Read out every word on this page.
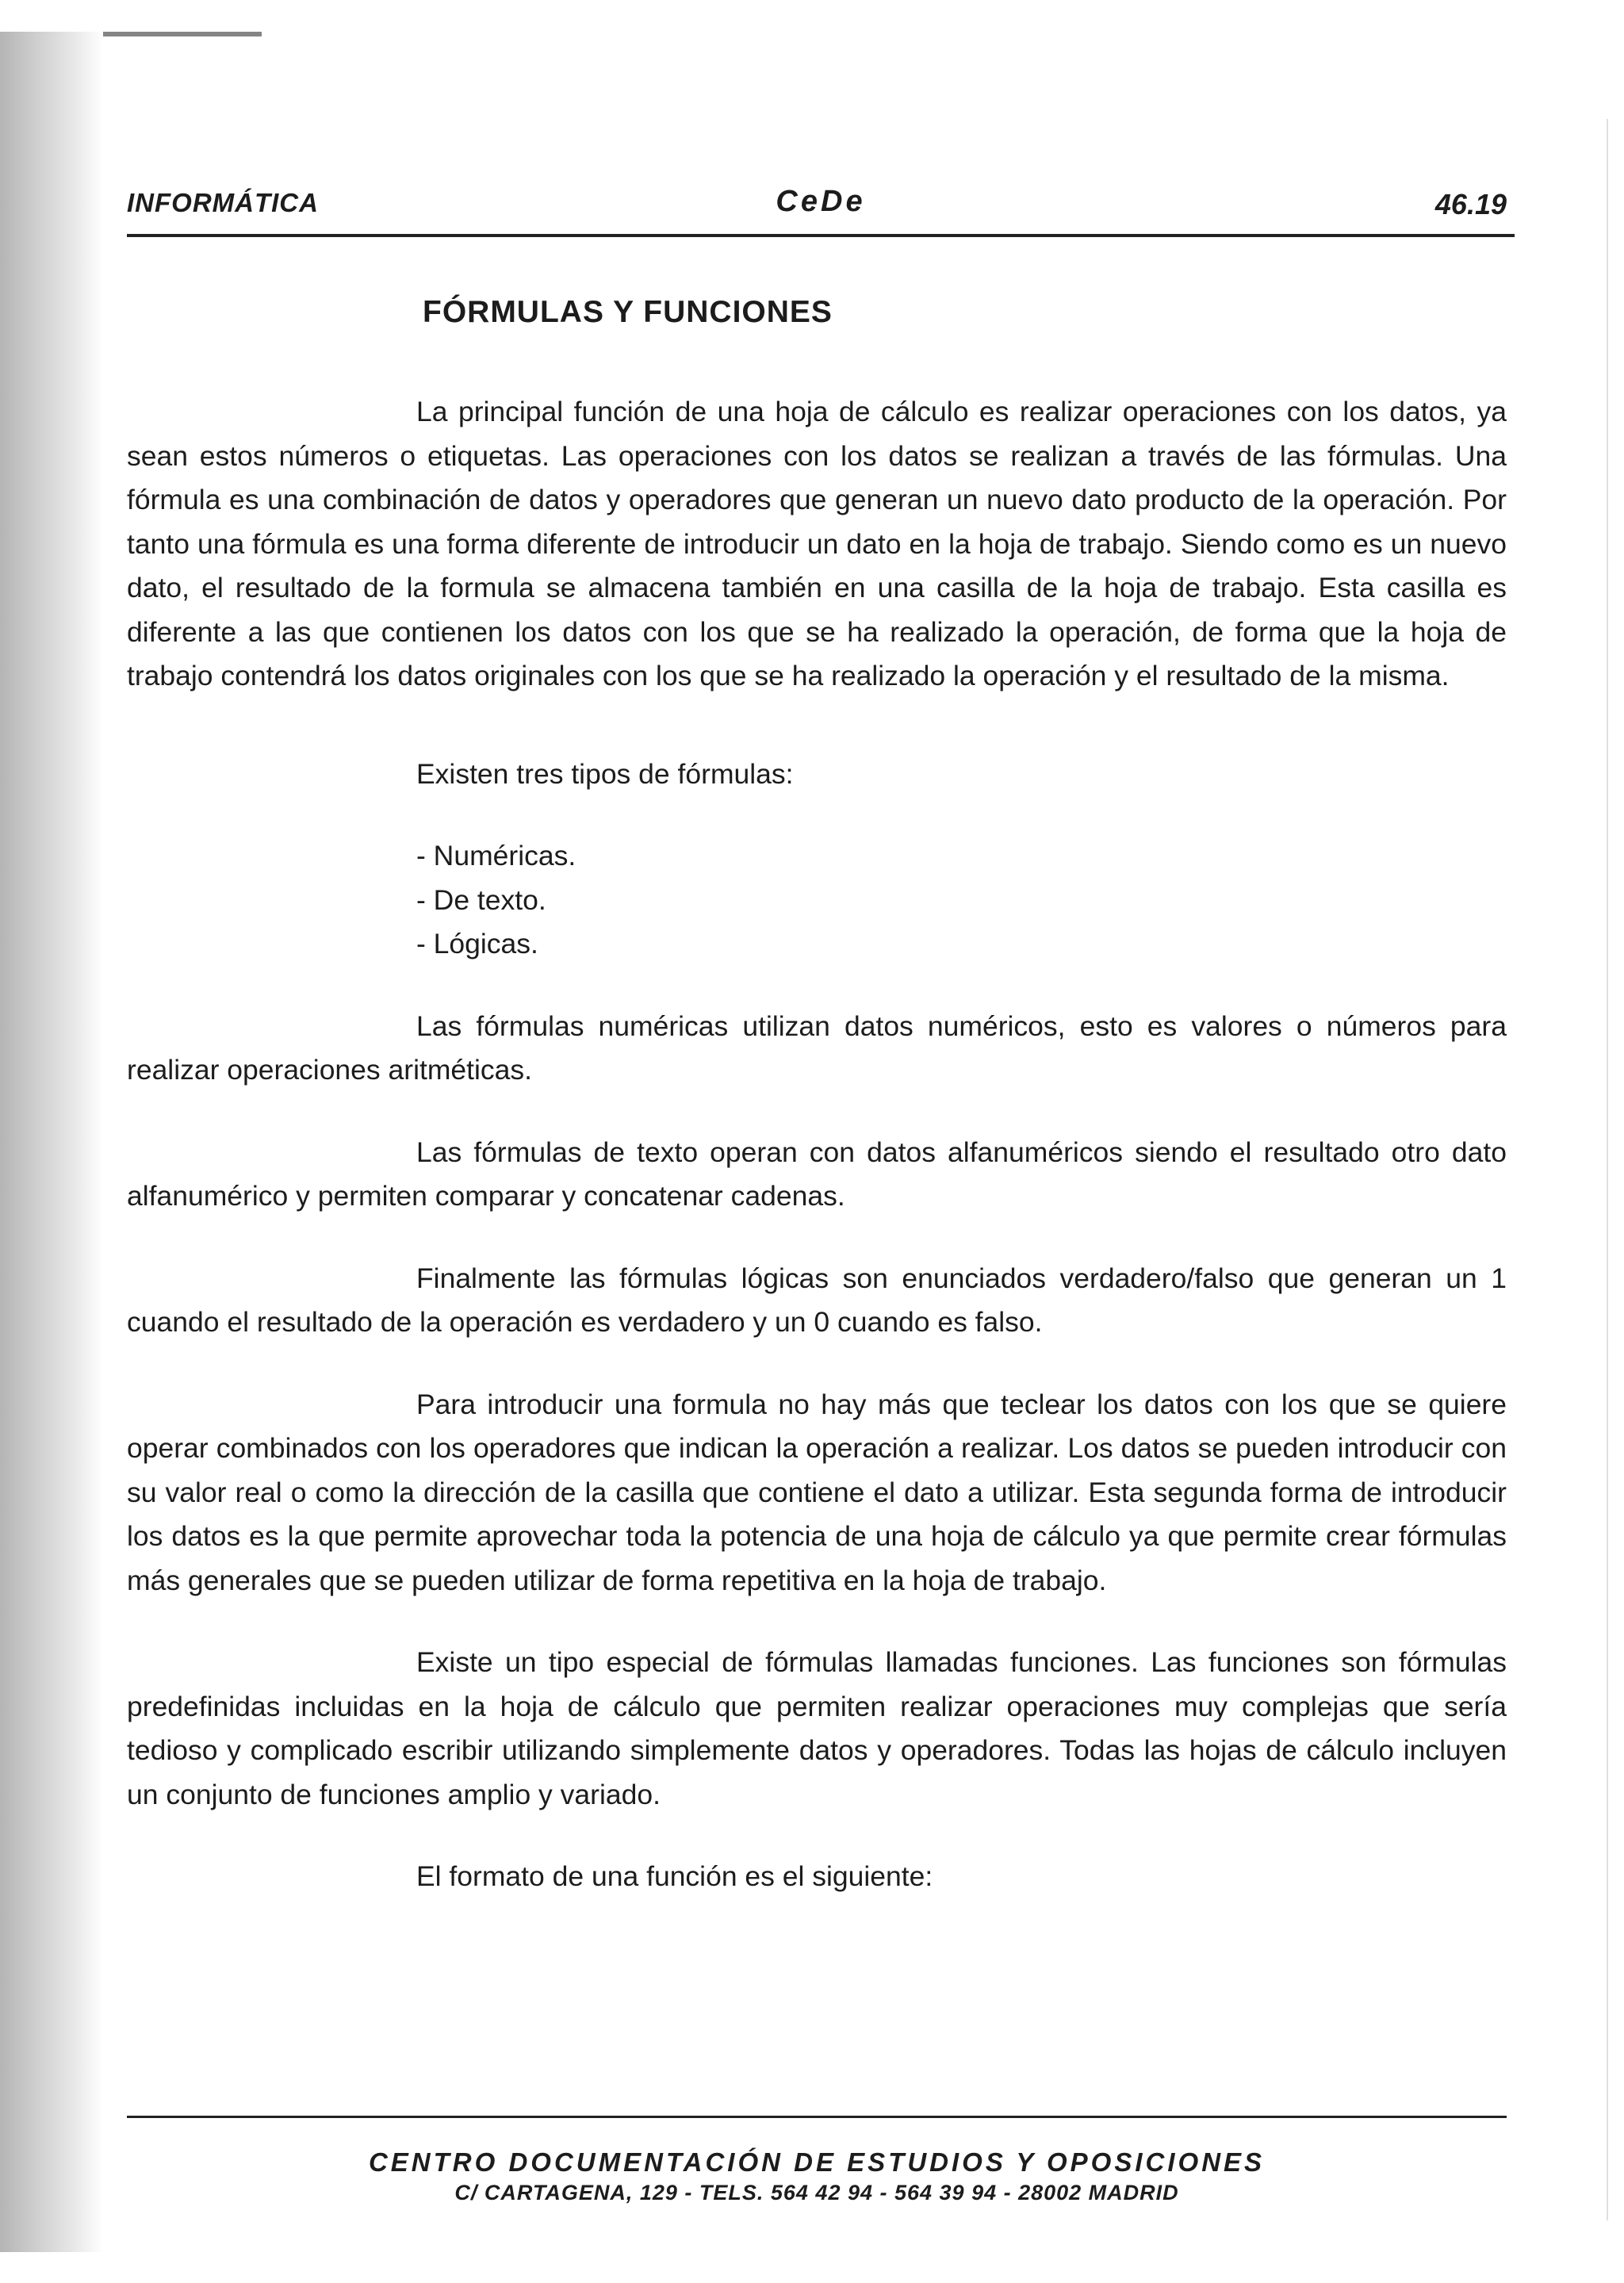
INFORMÁTICA	CeDe	46.19
FÓRMULAS Y FUNCIONES

La principal función de una hoja de cálculo es realizar operaciones con los datos, ya sean estos números o etiquetas. Las operaciones con los datos se realizan a través de las fórmulas. Una fórmula es una combinación de datos y operadores que generan un nuevo dato producto de la operación. Por tanto una fórmula es una forma diferente de introducir un dato en la hoja de trabajo. Siendo como es un nuevo dato, el resultado de la formula se almacena también en una casilla de la hoja de trabajo. Esta casilla es diferente a las que contienen los datos con los que se ha realizado la operación, de forma que la hoja de trabajo contendrá los datos originales con los que se ha realizado la operación y el resultado de la misma.

Existen tres tipos de fórmulas:

- Numéricas.
- De texto.
- Lógicas.

Las fórmulas numéricas utilizan datos numéricos, esto es valores o números para realizar operaciones aritméticas.

Las fórmulas de texto operan con datos alfanuméricos siendo el resultado otro dato alfanumérico y permiten comparar y concatenar cadenas.

Finalmente las fórmulas lógicas son enunciados verdadero/falso que generan un 1 cuando el resultado de la operación es verdadero y un 0 cuando es falso.

Para introducir una formula no hay más que teclear los datos con los que se quiere operar combinados con los operadores que indican la operación a realizar. Los datos se pueden introducir con su valor real o como la dirección de la casilla que contiene el dato a utilizar. Esta segunda forma de introducir los datos es la que permite aprovechar toda la potencia de una hoja de cálculo ya que permite crear fórmulas más generales que se pueden utilizar de forma repetitiva en la hoja de trabajo.

Existe un tipo especial de fórmulas llamadas funciones. Las funciones son fórmulas predefinidas incluidas en la hoja de cálculo que permiten realizar operaciones muy complejas que sería tedioso y complicado escribir utilizando simplemente datos y operadores. Todas las hojas de cálculo incluyen un conjunto de funciones amplio y variado.

El formato de una función es el siguiente:

CENTRO DOCUMENTACIÓN DE ESTUDIOS Y OPOSICIONES
C/ CARTAGENA, 129 - TELS. 564 42 94 - 564 39 94 - 28002 MADRID
